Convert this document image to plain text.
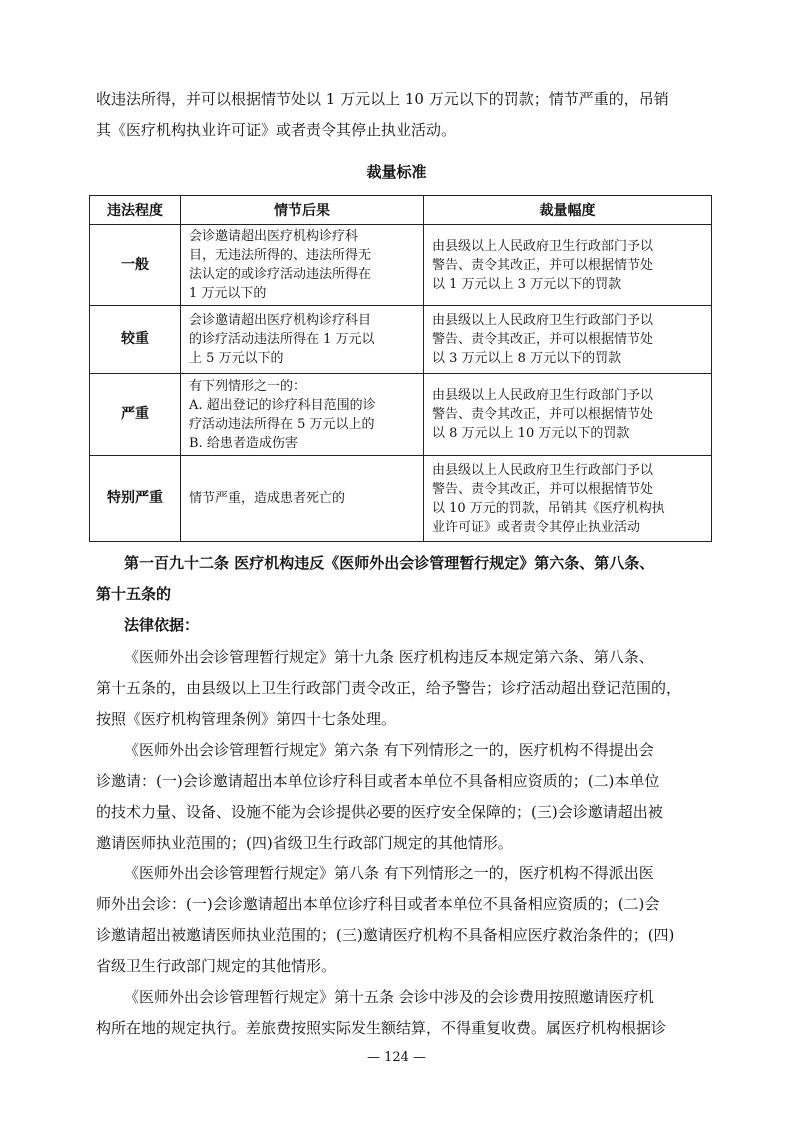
收违法所得，并可以根据情节处以 1 万元以上 10 万元以下的罚款；情节严重的，吊销
其《医疗机构执业许可证》或者责令其停止执业活动。
裁量标准
违法程度	情节后果	裁量幅度
一般	会诊邀请超出医疗机构诊疗科
目，无违法所得的、违法所得无
法认定的或诊疗活动违法所得在
1 万元以下的	由县级以上人民政府卫生行政部门予以
警告、责令其改正，并可以根据情节处
以 1 万元以上 3 万元以下的罚款

较重	会诊邀请超出医疗机构诊疗科目
的诊疗活动违法所得在 1 万元以
上 5 万元以下的	由县级以上人民政府卫生行政部门予以
警告、责令其改正，并可以根据情节处
以 3 万元以上 8 万元以下的罚款

严重	有下列情形之一的：
A. 超出登记的诊疗科目范围的诊
疗活动违法所得在 5 万元以上的
B. 给患者造成伤害	由县级以上人民政府卫生行政部门予以
警告、责令其改正，并可以根据情节处
以 8 万元以上 10 万元以下的罚款

特别严重	情节严重，造成患者死亡的	由县级以上人民政府卫生行政部门予以
警告、责令其改正，并可以根据情节处
以 10 万元的罚款，吊销其《医疗机构执
业许可证》或者责令其停止执业活动
第一百九十二条 医疗机构违反《医师外出会诊管理暂行规定》第六条、第八条、
第十五条的
法律依据：
《医师外出会诊管理暂行规定》第十九条 医疗机构违反本规定第六条、第八条、
第十五条的，由县级以上卫生行政部门责令改正，给予警告；诊疗活动超出登记范围的，
按照《医疗机构管理条例》第四十七条处理。
《医师外出会诊管理暂行规定》第六条 有下列情形之一的，医疗机构不得提出会
诊邀请：(一)会诊邀请超出本单位诊疗科目或者本单位不具备相应资质的；(二)本单位
的技术力量、设备、设施不能为会诊提供必要的医疗安全保障的；(三)会诊邀请超出被
邀请医师执业范围的；(四)省级卫生行政部门规定的其他情形。
《医师外出会诊管理暂行规定》第八条 有下列情形之一的，医疗机构不得派出医
师外出会诊：(一)会诊邀请超出本单位诊疗科目或者本单位不具备相应资质的；(二)会
诊邀请超出被邀请医师执业范围的；(三)邀请医疗机构不具备相应医疗救治条件的；(四)
省级卫生行政部门规定的其他情形。
《医师外出会诊管理暂行规定》第十五条 会诊中涉及的会诊费用按照邀请医疗机
构所在地的规定执行。差旅费按照实际发生额结算，不得重复收费。属医疗机构根据诊
— 124 —
